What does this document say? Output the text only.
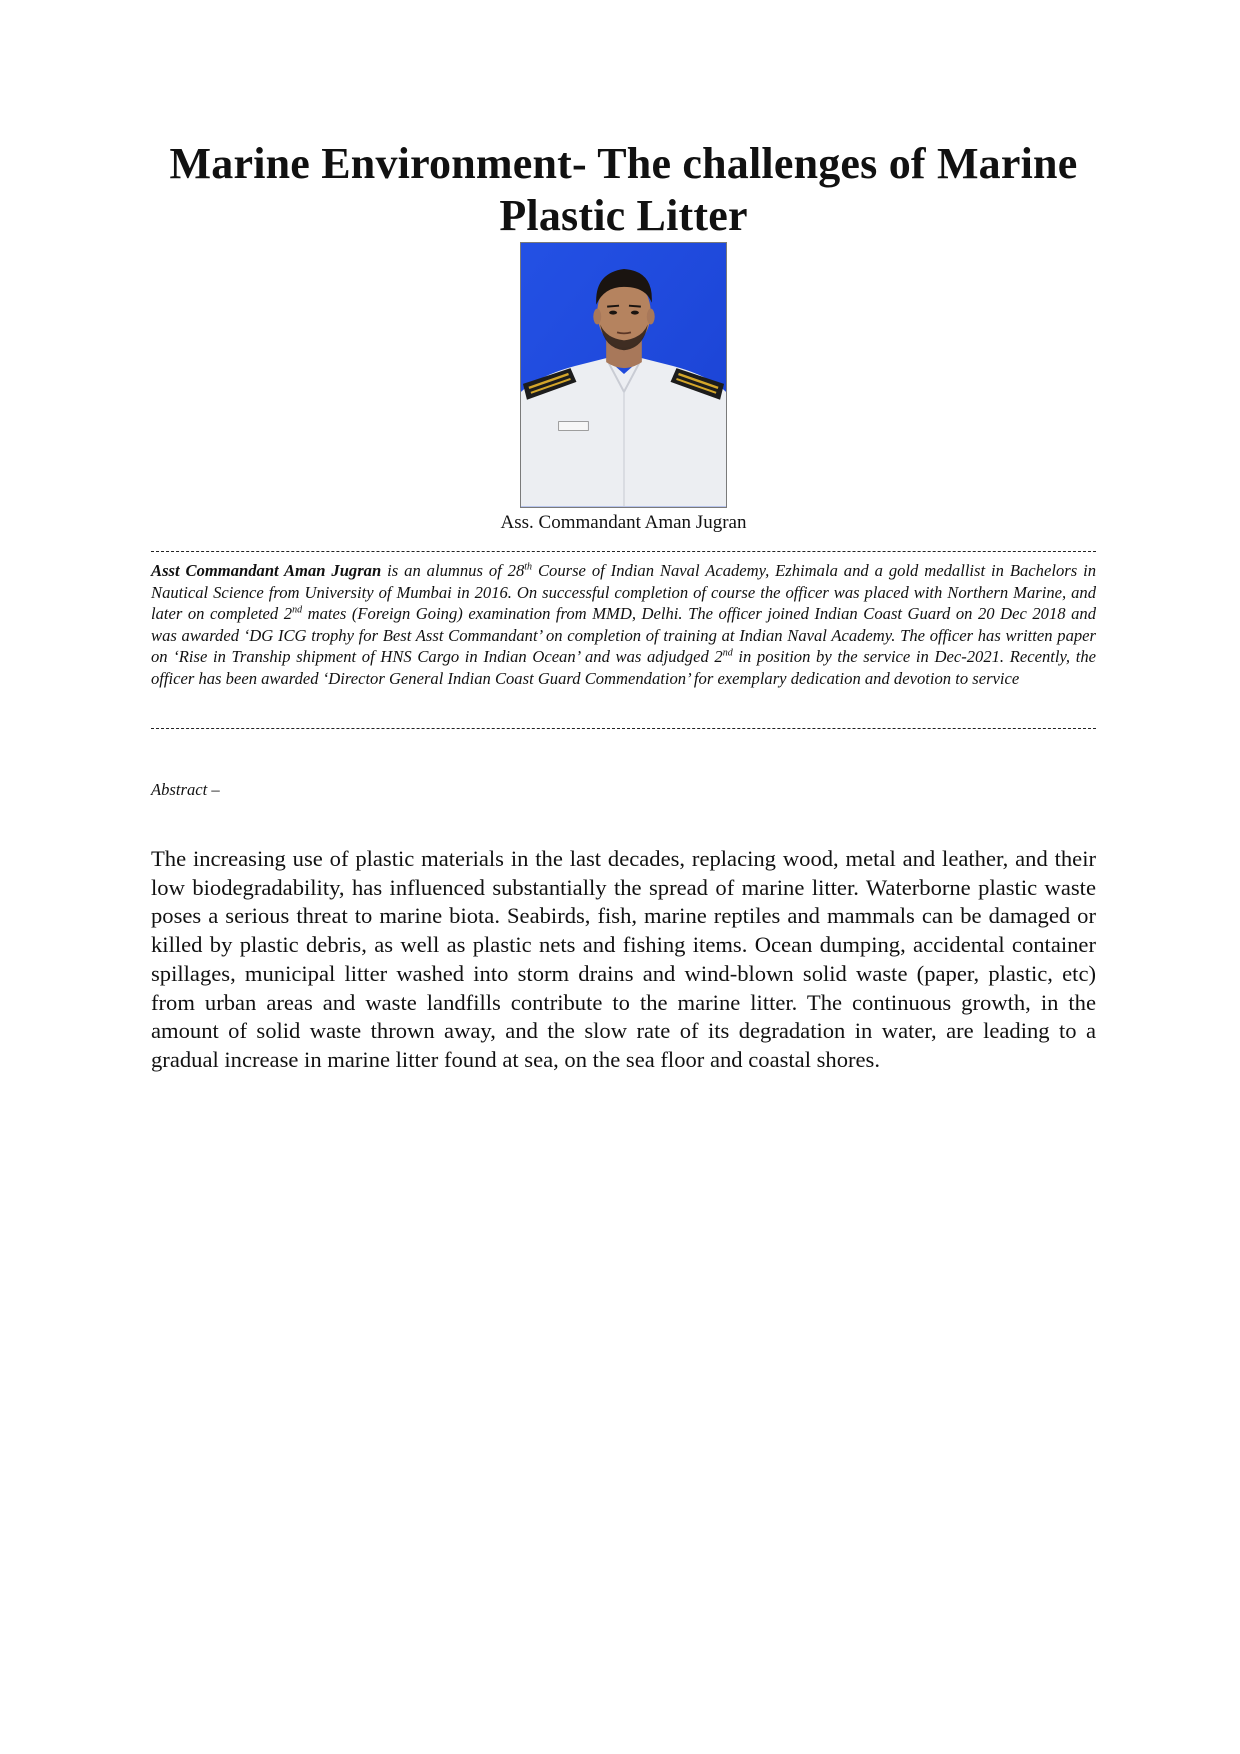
Marine Environment- The challenges of Marine Plastic Litter
Ass. Commandant Aman Jugran

Asst Commandant Aman Jugran is an alumnus of 28th Course of Indian Naval Academy, Ezhimala and a gold medallist in Bachelors in Nautical Science from University of Mumbai in 2016. On successful completion of course the officer was placed with Northern Marine, and later on completed 2nd mates (Foreign Going) examination from MMD, Delhi. The officer joined Indian Coast Guard on 20 Dec 2018 and was awarded ‘DG ICG trophy for Best Asst Commandant’ on completion of training at Indian Naval Academy. The officer has written paper on ‘Rise in Tranship shipment of HNS Cargo in Indian Ocean’ and was adjudged 2nd in position by the service in Dec-2021. Recently, the officer has been awarded ‘Director General Indian Coast Guard Commendation’ for exemplary dedication and devotion to service

Abstract –

The increasing use of plastic materials in the last decades, replacing wood, metal and leather, and their low biodegradability, has influenced substantially the spread of marine litter. Waterborne plastic waste poses a serious threat to marine biota. Seabirds, fish, marine reptiles and mammals can be damaged or killed by plastic debris, as well as plastic nets and fishing items. Ocean dumping, accidental container spillages, municipal litter washed into storm drains and wind-blown solid waste (paper, plastic, etc) from urban areas and waste landfills contribute to the marine litter. The continuous growth, in the amount of solid waste thrown away, and the slow rate of its degradation in water, are leading to a gradual increase in marine litter found at sea, on the sea floor and coastal shores.
